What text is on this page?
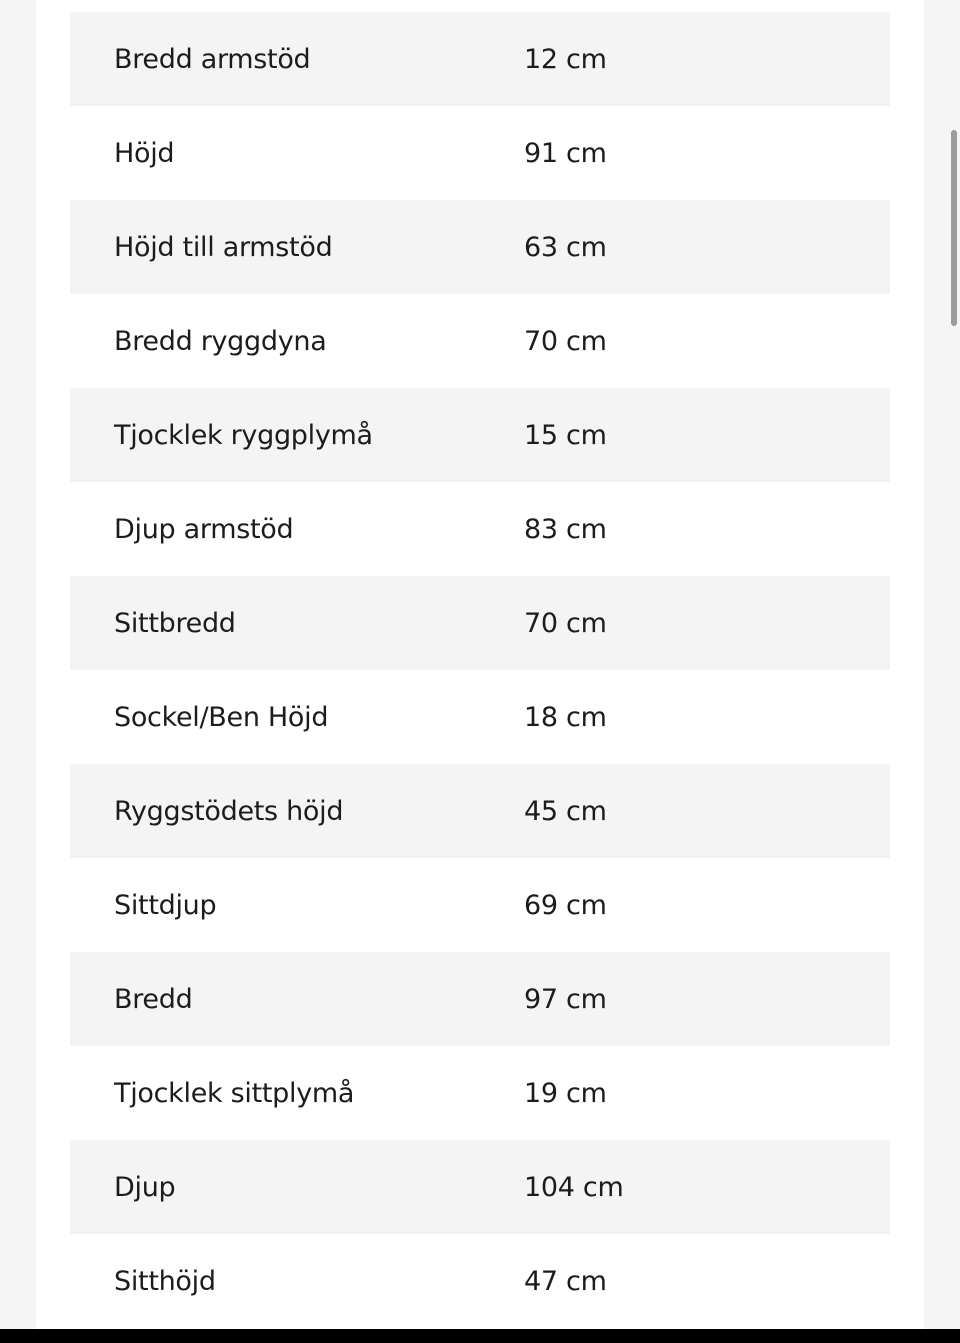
Bredd armstöd	12 cm
Höjd	91 cm
Höjd till armstöd	63 cm
Bredd ryggdyna	70 cm
Tjocklek ryggplymå	15 cm
Djup armstöd	83 cm
Sittbredd	70 cm
Sockel/Ben Höjd	18 cm
Ryggstödets höjd	45 cm
Sittdjup	69 cm
Bredd	97 cm
Tjocklek sittplymå	19 cm
Djup	104 cm
Sitthöjd	47 cm
